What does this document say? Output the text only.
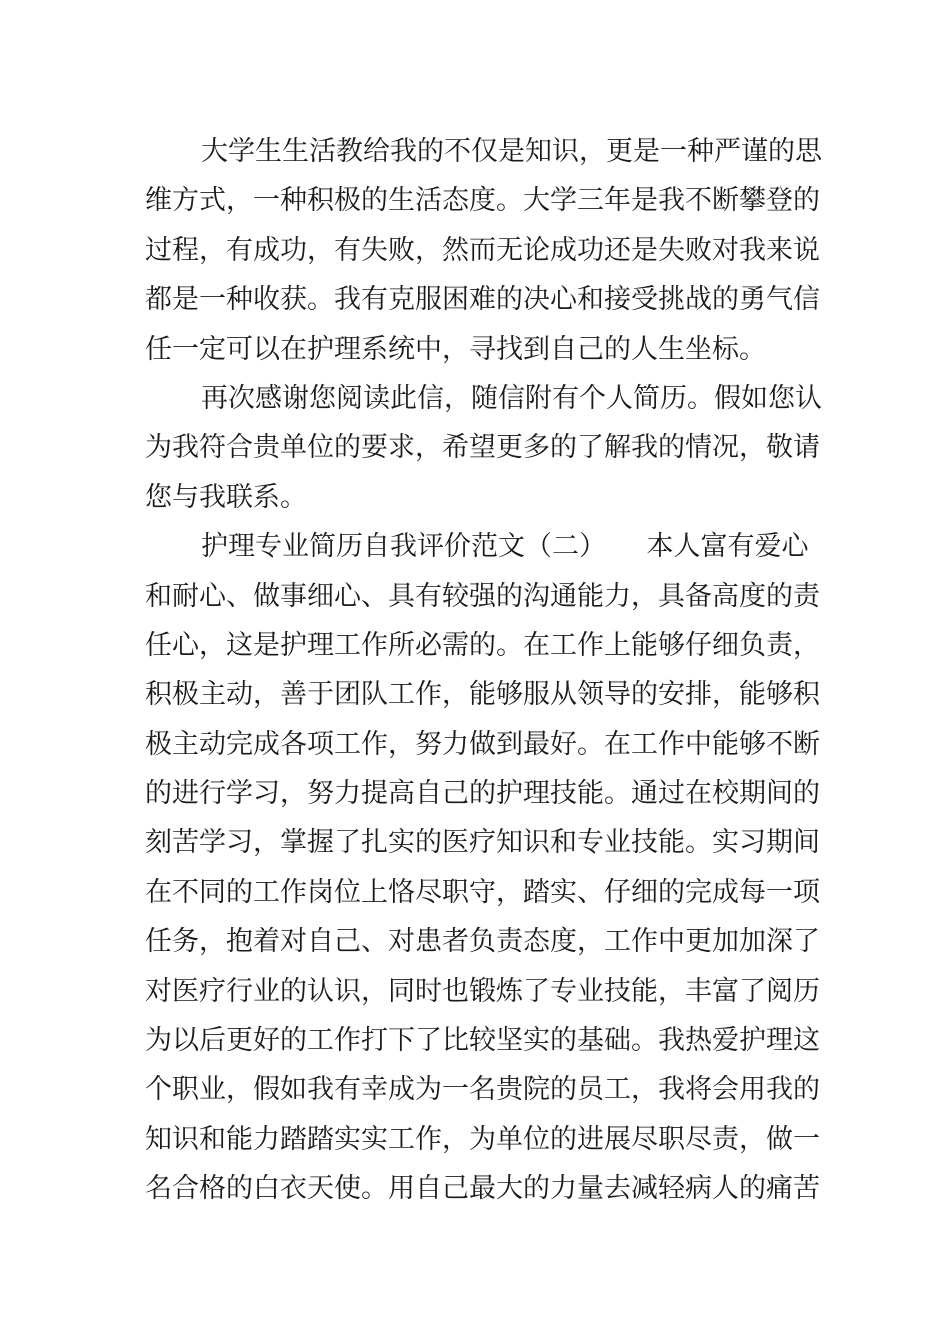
大学生生活教给我的不仅是知识，更是一种严谨的思
维方式，一种积极的生活态度。大学三年是我不断攀登的
过程，有成功，有失败，然而无论成功还是失败对我来说
都是一种收获。我有克服困难的决心和接受挑战的勇气信
任一定可以在护理系统中，寻找到自己的人生坐标。
再次感谢您阅读此信，随信附有个人简历。假如您认
为我符合贵单位的要求，希望更多的了解我的情况，敬请
您与我联系。
护理专业简历自我评价范文（二）　　本人富有爱心
和耐心、做事细心、具有较强的沟通能力，具备高度的责
任心，这是护理工作所必需的。在工作上能够仔细负责，
积极主动，善于团队工作，能够服从领导的安排，能够积
极主动完成各项工作，努力做到最好。在工作中能够不断
的进行学习，努力提高自己的护理技能。通过在校期间的
刻苦学习，掌握了扎实的医疗知识和专业技能。实习期间
在不同的工作岗位上恪尽职守，踏实、仔细的完成每一项
任务，抱着对自己、对患者负责态度，工作中更加加深了
对医疗行业的认识，同时也锻炼了专业技能，丰富了阅历
为以后更好的工作打下了比较坚实的基础。我热爱护理这
个职业，假如我有幸成为一名贵院的员工，我将会用我的
知识和能力踏踏实实工作，为单位的进展尽职尽责，做一
名合格的白衣天使。用自己最大的力量去减轻病人的痛苦
